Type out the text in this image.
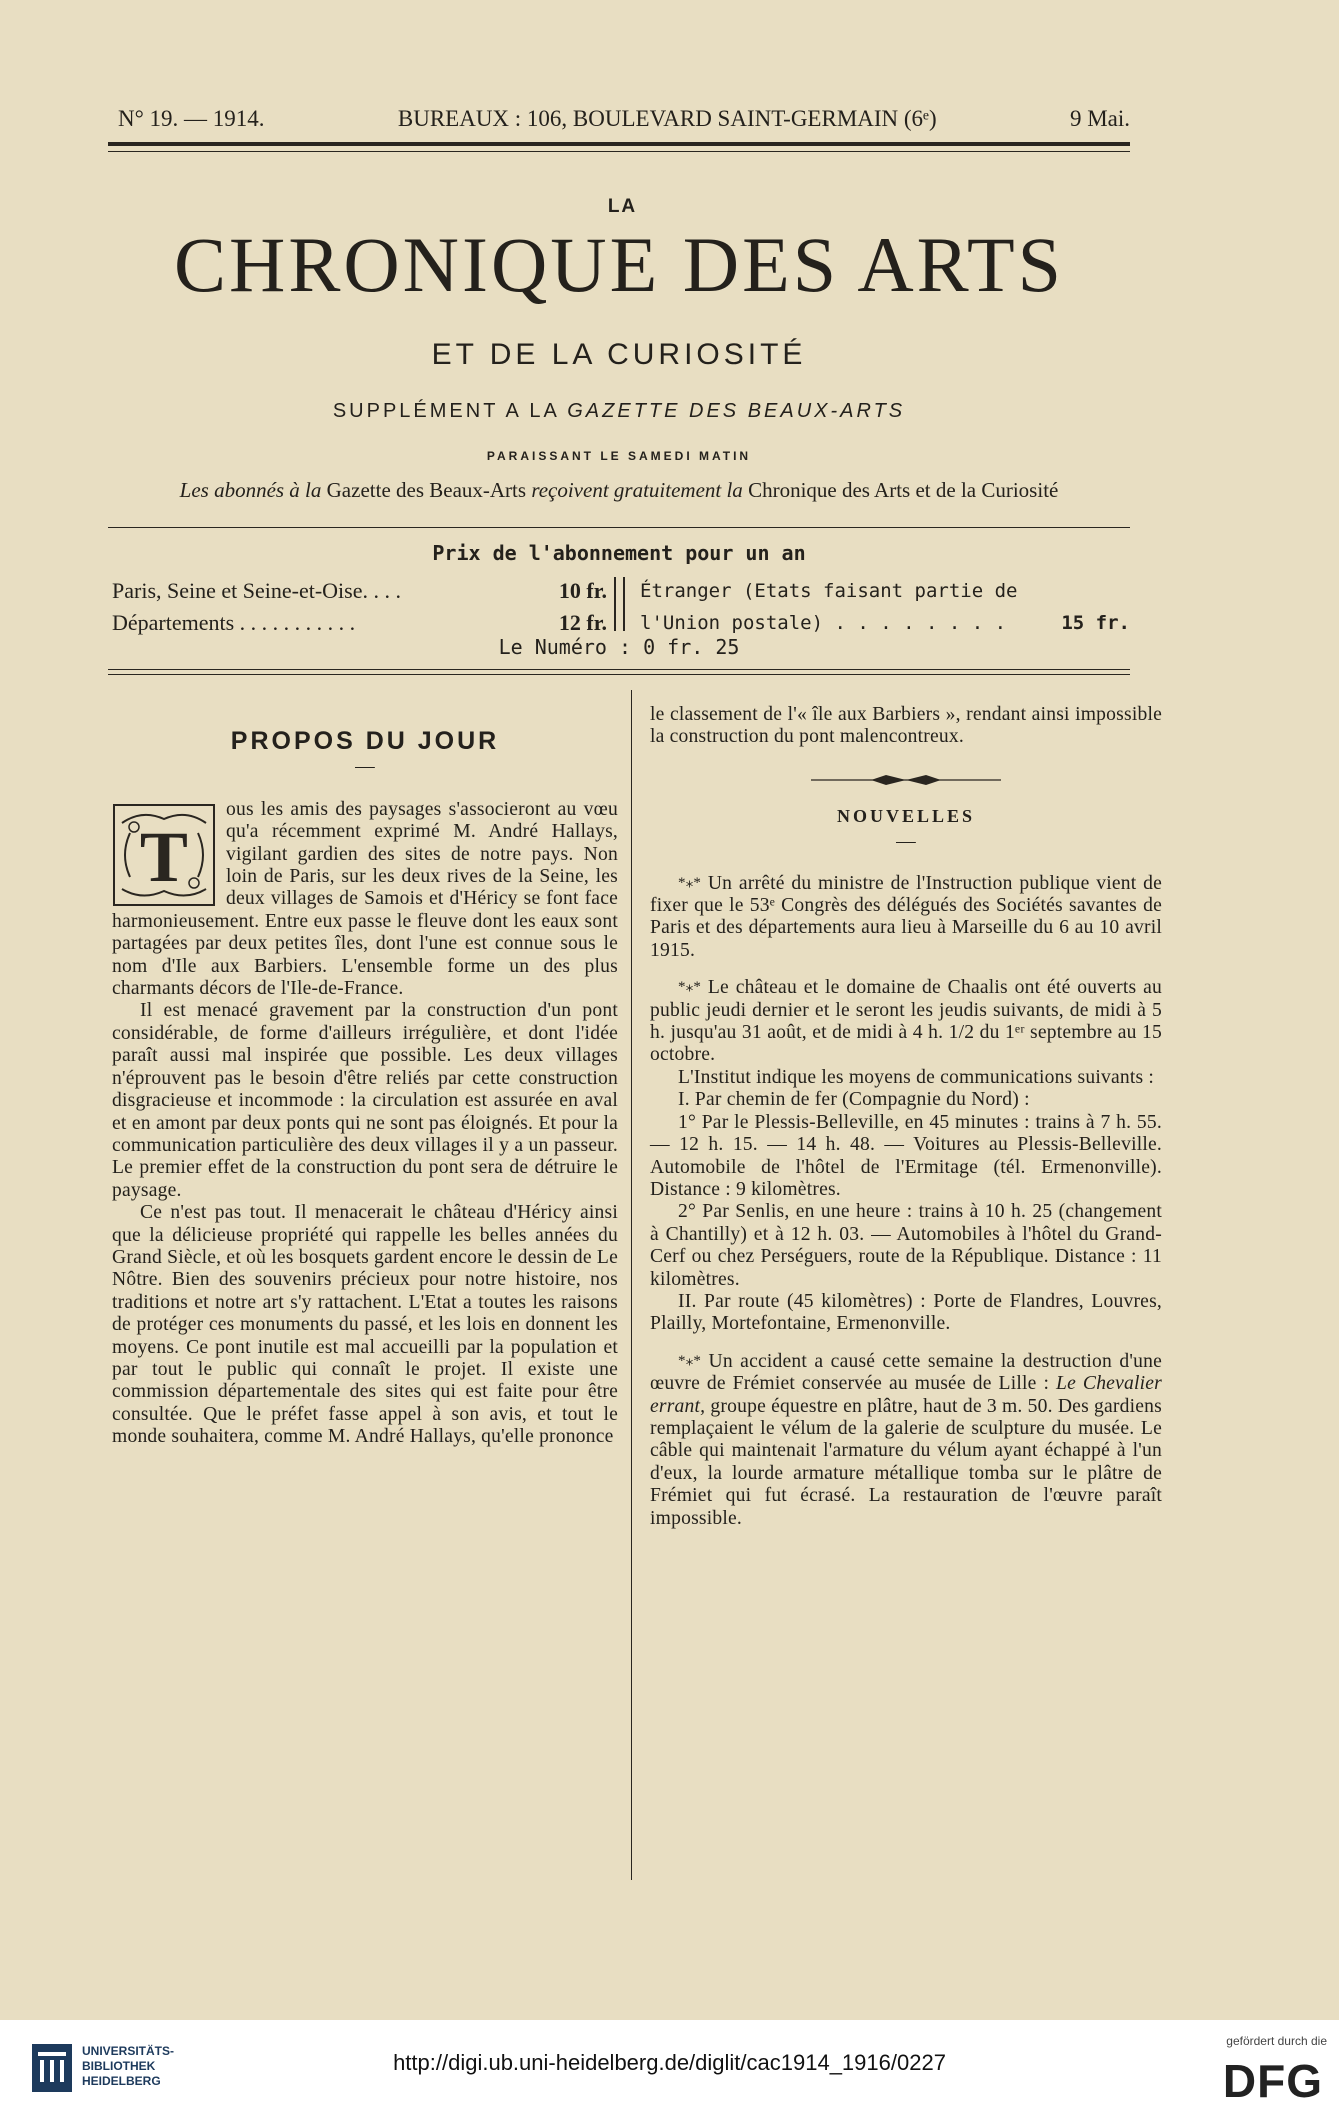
N° 19. — 1914.	BUREAUX : 106, BOULEVARD SAINT-GERMAIN (6ᵉ)	9 Mai.
LA
CHRONIQUE DES ARTS
ET DE LA CURIOSITÉ
SUPPLÉMENT A LA GAZETTE DES BEAUX-ARTS
PARAISSANT LE SAMEDI MATIN
Les abonnés à la Gazette des Beaux-Arts reçoivent gratuitement la Chronique des Arts et de la Curiosité
Prix de l'abonnement pour un an
Paris, Seine et Seine-et-Oise. . . .	10 fr.
Départements . . . . . . . . . . .	12 fr.
Étranger (Etats faisant partie de
l'Union postale) . . . . . . . .	15 fr.
Le Numéro : 0 fr. 25
PROPOS DU JOUR
—

T
ous les amis des paysages s'associeront au vœu qu'a récemment exprimé M. André Hallays, vigilant gardien des sites de notre pays. Non loin de Paris, sur les deux rives de la Seine, les deux villages de Samois et d'Héricy se font face harmonieusement. Entre eux passe le fleuve dont les eaux sont partagées par deux petites îles, dont l'une est connue sous le nom d'Ile aux Barbiers. L'ensemble forme un des plus charmants décors de l'Ile-de-France.

Il est menacé gravement par la construction d'un pont considérable, de forme d'ailleurs irrégulière, et dont l'idée paraît aussi mal inspirée que possible. Les deux villages n'éprouvent pas le besoin d'être reliés par cette construction disgracieuse et incommode : la circulation est assurée en aval et en amont par deux ponts qui ne sont pas éloignés. Et pour la communication particulière des deux villages il y a un passeur. Le premier effet de la construction du pont sera de détruire le paysage.

Ce n'est pas tout. Il menacerait le château d'Héricy ainsi que la délicieuse propriété qui rappelle les belles années du Grand Siècle, et où les bosquets gardent encore le dessin de Le Nôtre. Bien des souvenirs précieux pour notre histoire, nos traditions et notre art s'y rattachent. L'Etat a toutes les raisons de protéger ces monuments du passé, et les lois en donnent les moyens. Ce pont inutile est mal accueilli par la population et par tout le public qui connaît le projet. Il existe une commission départementale des sites qui est faite pour être consultée. Que le préfet fasse appel à son avis, et tout le monde souhaitera, comme M. André Hallays, qu'elle prononce

le classement de l'« île aux Barbiers », rendant ainsi impossible la construction du pont malencontreux.

NOUVELLES
—

*⁎* Un arrêté du ministre de l'Instruction publique vient de fixer que le 53ᵉ Congrès des délégués des Sociétés savantes de Paris et des départements aura lieu à Marseille du 6 au 10 avril 1915.

*⁎* Le château et le domaine de Chaalis ont été ouverts au public jeudi dernier et le seront les jeudis suivants, de midi à 5 h. jusqu'au 31 août, et de midi à 4 h. 1/2 du 1ᵉʳ septembre au 15 octobre.

L'Institut indique les moyens de communications suivants :

I. Par chemin de fer (Compagnie du Nord) :

1° Par le Plessis-Belleville, en 45 minutes : trains à 7 h. 55. — 12 h. 15. — 14 h. 48. — Voitures au Plessis-Belleville. Automobile de l'hôtel de l'Ermitage (tél. Ermenonville). Distance : 9 kilomètres.

2° Par Senlis, en une heure : trains à 10 h. 25 (changement à Chantilly) et à 12 h. 03. — Automobiles à l'hôtel du Grand-Cerf ou chez Perséguers, route de la République. Distance : 11 kilomètres.

II. Par route (45 kilomètres) : Porte de Flandres, Louvres, Plailly, Mortefontaine, Ermenonville.

*⁎* Un accident a causé cette semaine la destruction d'une œuvre de Frémiet conservée au musée de Lille : Le Chevalier errant, groupe équestre en plâtre, haut de 3 m. 50. Des gardiens remplaçaient le vélum de la galerie de sculpture du musée. Le câble qui maintenait l'armature du vélum ayant échappé à l'un d'eux, la lourde armature métallique tomba sur le plâtre de Frémiet qui fut écrasé. La restauration de l'œuvre paraît impossible.

UNIVERSITÄTS-
BIBLIOTHEK
HEIDELBERG
http://digi.ub.uni-heidelberg.de/diglit/cac1914_1916/0227
gefördert durch die
DFG
